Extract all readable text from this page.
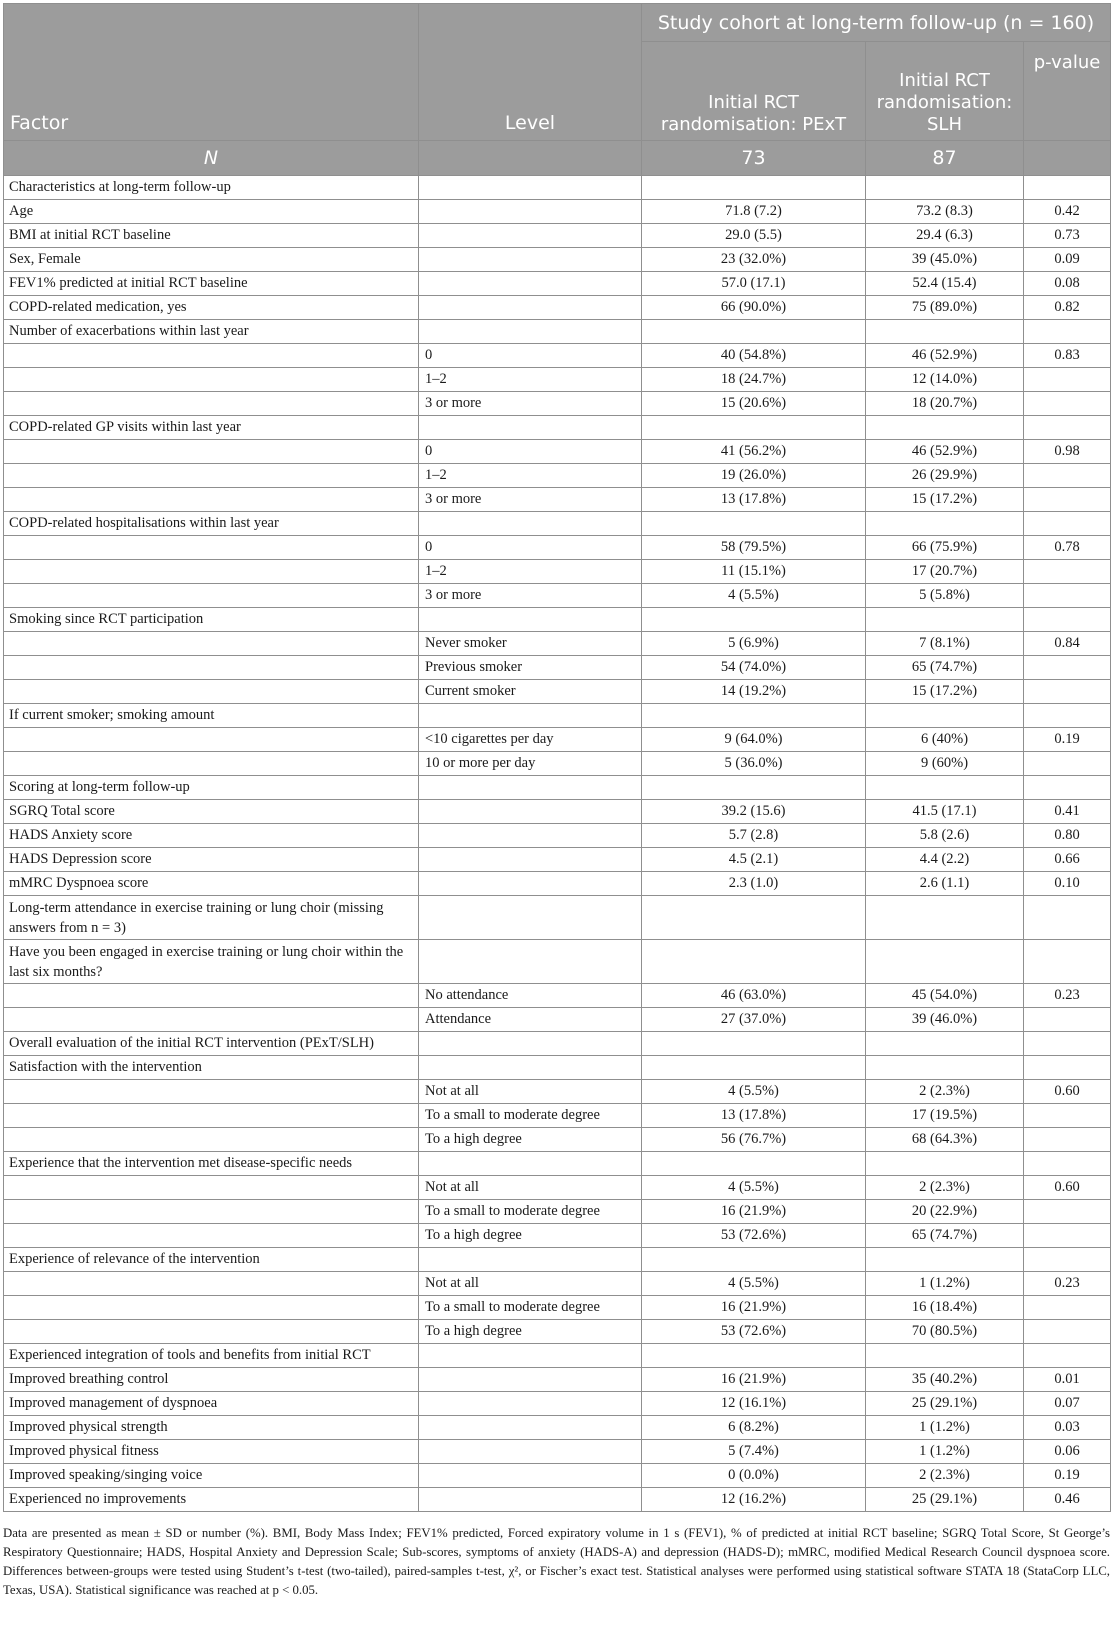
Factor	Level	Study cohort at long-term follow-up (n = 160)		
		Initial RCT randomisation: PExT	Initial RCT randomisation: SLH	p-value
N		73	87	
Characteristics at long-term follow-up				
Age		71.8 (7.2)	73.2 (8.3)	0.42
BMI at initial RCT baseline		29.0 (5.5)	29.4 (6.3)	0.73
Sex, Female		23 (32.0%)	39 (45.0%)	0.09
FEV1% predicted at initial RCT baseline		57.0 (17.1)	52.4 (15.4)	0.08
COPD-related medication, yes		66 (90.0%)	75 (89.0%)	0.82
Number of exacerbations within last year				
	0	40 (54.8%)	46 (52.9%)	0.83
	1–2	18 (24.7%)	12 (14.0%)	
	3 or more	15 (20.6%)	18 (20.7%)	
COPD-related GP visits within last year				
	0	41 (56.2%)	46 (52.9%)	0.98
	1–2	19 (26.0%)	26 (29.9%)	
	3 or more	13 (17.8%)	15 (17.2%)	
COPD-related hospitalisations within last year				
	0	58 (79.5%)	66 (75.9%)	0.78
	1–2	11 (15.1%)	17 (20.7%)	
	3 or more	4 (5.5%)	5 (5.8%)	
Smoking since RCT participation				
	Never smoker	5 (6.9%)	7 (8.1%)	0.84
	Previous smoker	54 (74.0%)	65 (74.7%)	
	Current smoker	14 (19.2%)	15 (17.2%)	
If current smoker; smoking amount				
	<10 cigarettes per day	9 (64.0%)	6 (40%)	0.19
	10 or more per day	5 (36.0%)	9 (60%)	
Scoring at long-term follow-up				
SGRQ Total score		39.2 (15.6)	41.5 (17.1)	0.41
HADS Anxiety score		5.7 (2.8)	5.8 (2.6)	0.80
HADS Depression score		4.5 (2.1)	4.4 (2.2)	0.66
mMRC Dyspnoea score		2.3 (1.0)	2.6 (1.1)	0.10
Long-term attendance in exercise training or lung choir (missing answers from n = 3)				
Have you been engaged in exercise training or lung choir within the last six months?				
	No attendance	46 (63.0%)	45 (54.0%)	0.23
	Attendance	27 (37.0%)	39 (46.0%)	
Overall evaluation of the initial RCT intervention (PExT/SLH)				
Satisfaction with the intervention				
	Not at all	4 (5.5%)	2 (2.3%)	0.60
	To a small to moderate degree	13 (17.8%)	17 (19.5%)	
	To a high degree	56 (76.7%)	68 (64.3%)	
Experience that the intervention met disease-specific needs				
	Not at all	4 (5.5%)	2 (2.3%)	0.60
	To a small to moderate degree	16 (21.9%)	20 (22.9%)	
	To a high degree	53 (72.6%)	65 (74.7%)	
Experience of relevance of the intervention				
	Not at all	4 (5.5%)	1 (1.2%)	0.23
	To a small to moderate degree	16 (21.9%)	16 (18.4%)	
	To a high degree	53 (72.6%)	70 (80.5%)	
Experienced integration of tools and benefits from initial RCT				
Improved breathing control		16 (21.9%)	35 (40.2%)	0.01
Improved management of dyspnoea		12 (16.1%)	25 (29.1%)	0.07
Improved physical strength		6 (8.2%)	1 (1.2%)	0.03
Improved physical fitness		5 (7.4%)	1 (1.2%)	0.06
Improved speaking/singing voice		0 (0.0%)	2 (2.3%)	0.19
Experienced no improvements		12 (16.2%)	25 (29.1%)	0.46
Data are presented as mean ± SD or number (%). BMI, Body Mass Index; FEV1% predicted, Forced expiratory volume in 1 s (FEV1), % of predicted at initial RCT baseline; SGRQ Total Score, St George’s Respiratory Questionnaire; HADS, Hospital Anxiety and Depression Scale; Sub-scores, symptoms of anxiety (HADS-A) and depression (HADS-D); mMRC, modified Medical Research Council dyspnoea score. Differences between-groups were tested using Student’s t-test (two-tailed), paired-samples t-test, χ², or Fischer’s exact test. Statistical analyses were performed using statistical software STATA 18 (StataCorp LLC, Texas, USA). Statistical significance was reached at p < 0.05.
